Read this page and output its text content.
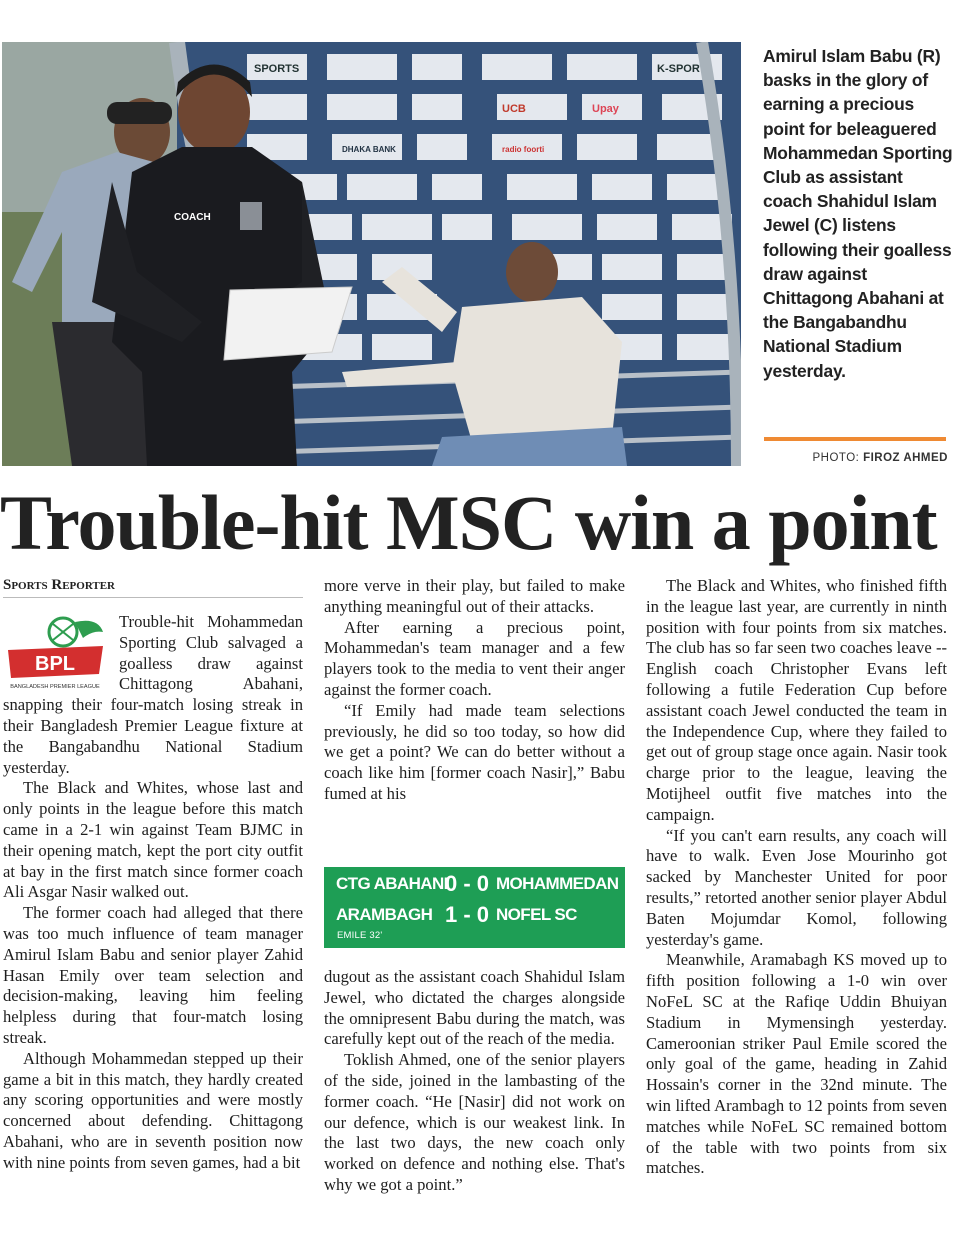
SPORTS
UCB	Upay
K-SPORT
DHAKA BANK	radio foorti
COACH
Amirul Islam Babu (R) basks in the glory of earning a precious point for beleaguered Mohammedan Sporting Club as assistant coach Shahidul Islam Jewel (C) listens following their goalless draw against Chittagong Abahani at the Bangabandhu National Stadium yesterday.
PHOTO: FIROZ AHMED
Trouble-hit MSC win a point
Sports Reporter
BPL
BANGLADESH PREMIER LEAGUE

Trouble-hit Mohammedan Sporting Club salvaged a goalless draw against Chittagong Abahani, snapping their four-match losing streak in their Bangladesh Premier League fixture at the Bangabandhu National Stadium yesterday.

The Black and Whites, whose last and only points in the league before this match came in a 2-1 win against Team BJMC in their opening match, kept the port city outfit at bay in the first match since former coach Ali Asgar Nasir walked out.

The former coach had alleged that there was too much influence of team manager Amirul Islam Babu and senior player Zahid Hasan Emily over team selection and decision-making, leaving him feeling helpless during that four-match losing streak.

Although Mohammedan stepped up their game a bit in this match, they hardly created any scoring opportunities and were mostly concerned about defending. Chittagong Abahani, who are in seventh position now with nine points from seven games, had a bit

more verve in their play, but failed to make anything meaningful out of their attacks.

After earning a precious point, Mohammedan's team manager and a few players took to the media to vent their anger against the former coach.

“If Emily had made team selections previously, he did so too today, so how did we get a point? We can do better without a coach like him [former coach Nasir],” Babu fumed at his

CTG ABAHANI
0 - 0 MOHAMMEDAN
ARAMBAGH 1 - 0 NOFEL SC
EMILE 32'

dugout as the assistant coach Shahidul Islam Jewel, who dictated the charges alongside the omnipresent Babu during the match, was carefully kept out of the reach of the media.

Toklish Ahmed, one of the senior players of the side, joined in the lambasting of the former coach. “He [Nasir] did not work on our defence, which is our weakest link. In the last two days, the new coach only worked on defence and nothing else. That's why we got a point.”

The Black and Whites, who finished fifth in the league last year, are currently in ninth position with four points from six matches. The club has so far seen two coaches leave -- English coach Christopher Evans left following a futile Federation Cup before assistant coach Jewel conducted the team in the Independence Cup, where they failed to get out of group stage once again. Nasir took charge prior to the league, leaving the Motijheel outfit five matches into the campaign.

“If you can't earn results, any coach will have to walk. Even Jose Mourinho got sacked by Manchester United for poor results,” retorted another senior player Abdul Baten Mojumdar Komol, following yesterday's game.

Meanwhile, Aramabagh KS moved up to fifth position following a 1-0 win over NoFeL SC at the Rafiqe Uddin Bhuiyan Stadium in Mymensingh yesterday. Cameroonian striker Paul Emile scored the only goal of the game, heading in Zahid Hossain's corner in the 32nd minute. The win lifted Arambagh to 12 points from seven matches while NoFeL SC remained bottom of the table with two points from six matches.
